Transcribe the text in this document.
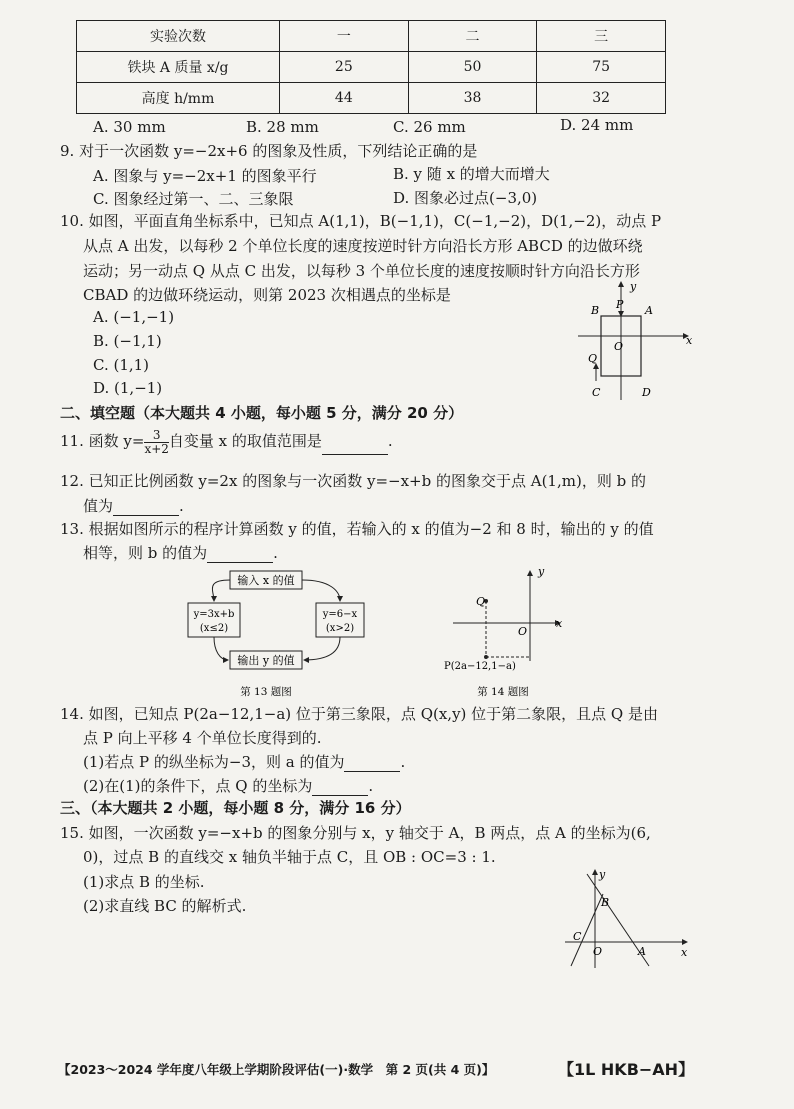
实验次数	一	二	三
铁块 A 质量 x/g	25	50	75
高度 h/mm	44	38	32
A. 30 mm	B. 28 mm	C. 26 mm	D. 24 mm
9. 对于一次函数 y=−2x+6 的图象及性质，下列结论正确的是
A. 图象与 y=−2x+1 的图象平行	B. y 随 x 的增大而增大
C. 图象经过第一、二、三象限	D. 图象必过点(−3,0)
10. 如图，平面直角坐标系中，已知点 A(1,1)，B(−1,1)，C(−1,−2)，D(1,−2)，动点 P
从点 A 出发，以每秒 2 个单位长度的速度按逆时针方向沿长方形 ABCD 的边做环绕
运动；另一动点 Q 从点 C 出发，以每秒 3 个单位长度的速度按顺时针方向沿长方形
CBAD 的边做环绕运动，则第 2023 次相遇点的坐标是
A. (−1,−1)
B. (−1,1)
C. (1,1)
D. (1,−1)
B P A
y
x
O
Q
C	D
二、填空题（本大题共 4 小题，每小题 5 分，满分 20 分）
11. 函数 $y= \frac{3}{x+2}$ 自变量 x 的取值范围是	.
12. 已知正比例函数 y=2x 的图象与一次函数 y=−x+b 的图象交于点 A(1,m)，则 b 的
值为	.
13. 根据如图所示的程序计算函数 y 的值，若输入的 x 的值为−2 和 8 时，输出的 y 的值
相等，则 b 的值为	.
输入 x 的值
y=3x+b
(x≤2)
y=6−x
(x>2)
输出 y 的值
第 13 题图
y
x
O
Q
P(2a−12,1−a)
第 14 题图
14. 如图，已知点 P(2a−12,1−a) 位于第三象限，点 Q(x,y) 位于第二象限，且点 Q 是由
点 P 向上平移 4 个单位长度得到的.
(1)若点 P 的纵坐标为−3，则 a 的值为	.
(2)在(1)的条件下，点 Q 的坐标为	.
三、（本大题共 2 小题，每小题 8 分，满分 16 分）
15. 如图，一次函数 y=−x+b 的图象分别与 x，y 轴交于 A，B 两点，点 A 的坐标为(6,
0)，过点 B 的直线交 x 轴负半轴于点 C，且 OB : OC=3 : 1.
(1)求点 B 的坐标.
(2)求直线 BC 的解析式.
y
B
C
O	A	x
【2023～2024 学年度八年级上学期阶段评估(一)·数学　第 2 页(共 4 页)】	【1L HKB−AH】
